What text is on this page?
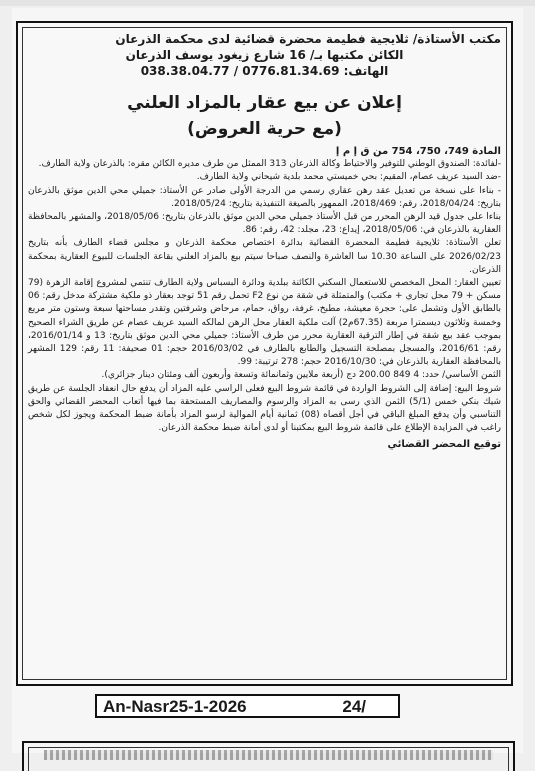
مكتب الأستاذة/ ثلايجية فطيمة محضرة قضائية لدى محكمة الذرعان
الكائن مكتبها بـ/ 16 شارع زيغود يوسف الذرعان
الهاتف: 0776.81.34.69 / 038.38.04.77
إعلان عن بيع عقار بالمزاد العلني
(مع حرية العروض)

المادة 749، 750، 754 من ق إ م إ

-لفائدة: الصندوق الوطني للتوفير والاحتياط وكالة الذرعان 313 الممثل من طرف مديره الكائن مقره: بالذرعان ولاية الطارف.

-ضد السيد عريف عصام، المقيم: بحي خميستي محمد بلدية شيحاني ولاية الطارف.

- بناءا على نسخة من تعديل عقد رهن عقاري رسمي من الدرجة الأولى صادر عن الأستاذ: جميلي محي الدين موثق بالذرعان بتاريخ: 2018/04/24، رقم: 2018/469، الممهور بالصيغة التنفيذية بتاريخ: 2018/05/24.

بناءا على جدول قيد الرهن المحرر من قبل الأستاذ جميلي محي الدين موثق بالذرعان بتاريخ: 2018/05/06، والمشهر بالمحافظة العقارية بالذرعان في: 2018/05/06، إيداع: 23، مجلد: 42، رقم: 86.

تعلن الأستاذة: ثلايجية فطيمة المحضرة القضائية بدائرة اختصاص محكمة الذرعان و مجلس قضاء الطارف بأنه بتاريخ 2026/02/23 على الساعة 10.30 سا العاشرة والنصف صباحا سيتم بيع بالمزاد العلني بقاعة الجلسات للبيوع العقارية بمحكمة الذرعان.

تعيين العقار: المحل المخصص للاستعمال السكني الكائنة ببلدية ودائرة البسباس ولاية الطارف تنتمي لمشروع إقامة الزهرة (79 مسكن + 79 محل تجاري + مكتب) والمتمثلة في شقة من نوع F2 تحمل رقم 51 توجد بعقار ذو ملكية مشتركة مدخل رقم: 06 بالطابق الأول وتشمل على: حجرة معيشة، مطبخ، غرفة، رواق، حمام، مرحاض وشرفتين وتقدر مساحتها سبعة وستون متر مربع وخمسة وثلاثون ديسمترا مربعة (67.35م2) آلت ملكية العقار محل الرهن لمالكه السيد عريف عصام عن طريق الشراء الصحيح بموجب عقد بيع شقة في إطار الترقية العقارية محرر من طرف الأستاذ: جميلي محي الدين موثق بتاريخ: 13 و 2016/01/14، رقم: 2016/61، والمسجل بمصلحة التسجيل والطابع بالطارف في 2016/03/02 حجم: 01 صحيفة: 11 رقم: 129 المشهر بالمحافظة العقارية بالذرعان في: 2016/10/30 حجم: 278 ترتيبة: 99.

الثمن الأساسي/ حدد: 4 849 200.00 دج (أربعة ملايين وثمانمائة وتسعة وأربعون ألف ومئتان دينار جزائري).

شروط البيع: إضافة إلى الشروط الواردة في قائمة شروط البيع فعلى الراسي عليه المزاد أن يدفع حال انعقاد الجلسة عن طريق شيك بنكي خمس (5/1) الثمن الذي رسى به المزاد والرسوم والمصاريف المستحقة بما فيها أتعاب المحضر القضائي والحق التناسبي وأن يدفع المبلغ الباقي في أجل أقصاه (08) ثمانية أيام الموالية لرسو المزاد بأمانة ضبط المحكمة ويجوز لكل شخص راغب في المزايدة الإطلاع على قائمة شروط البيع بمكتبنا أو لدى أمانة ضبط محكمة الذرعان.

توقيع المحضر القضائي
An-Nasr25-1-2026	24/
